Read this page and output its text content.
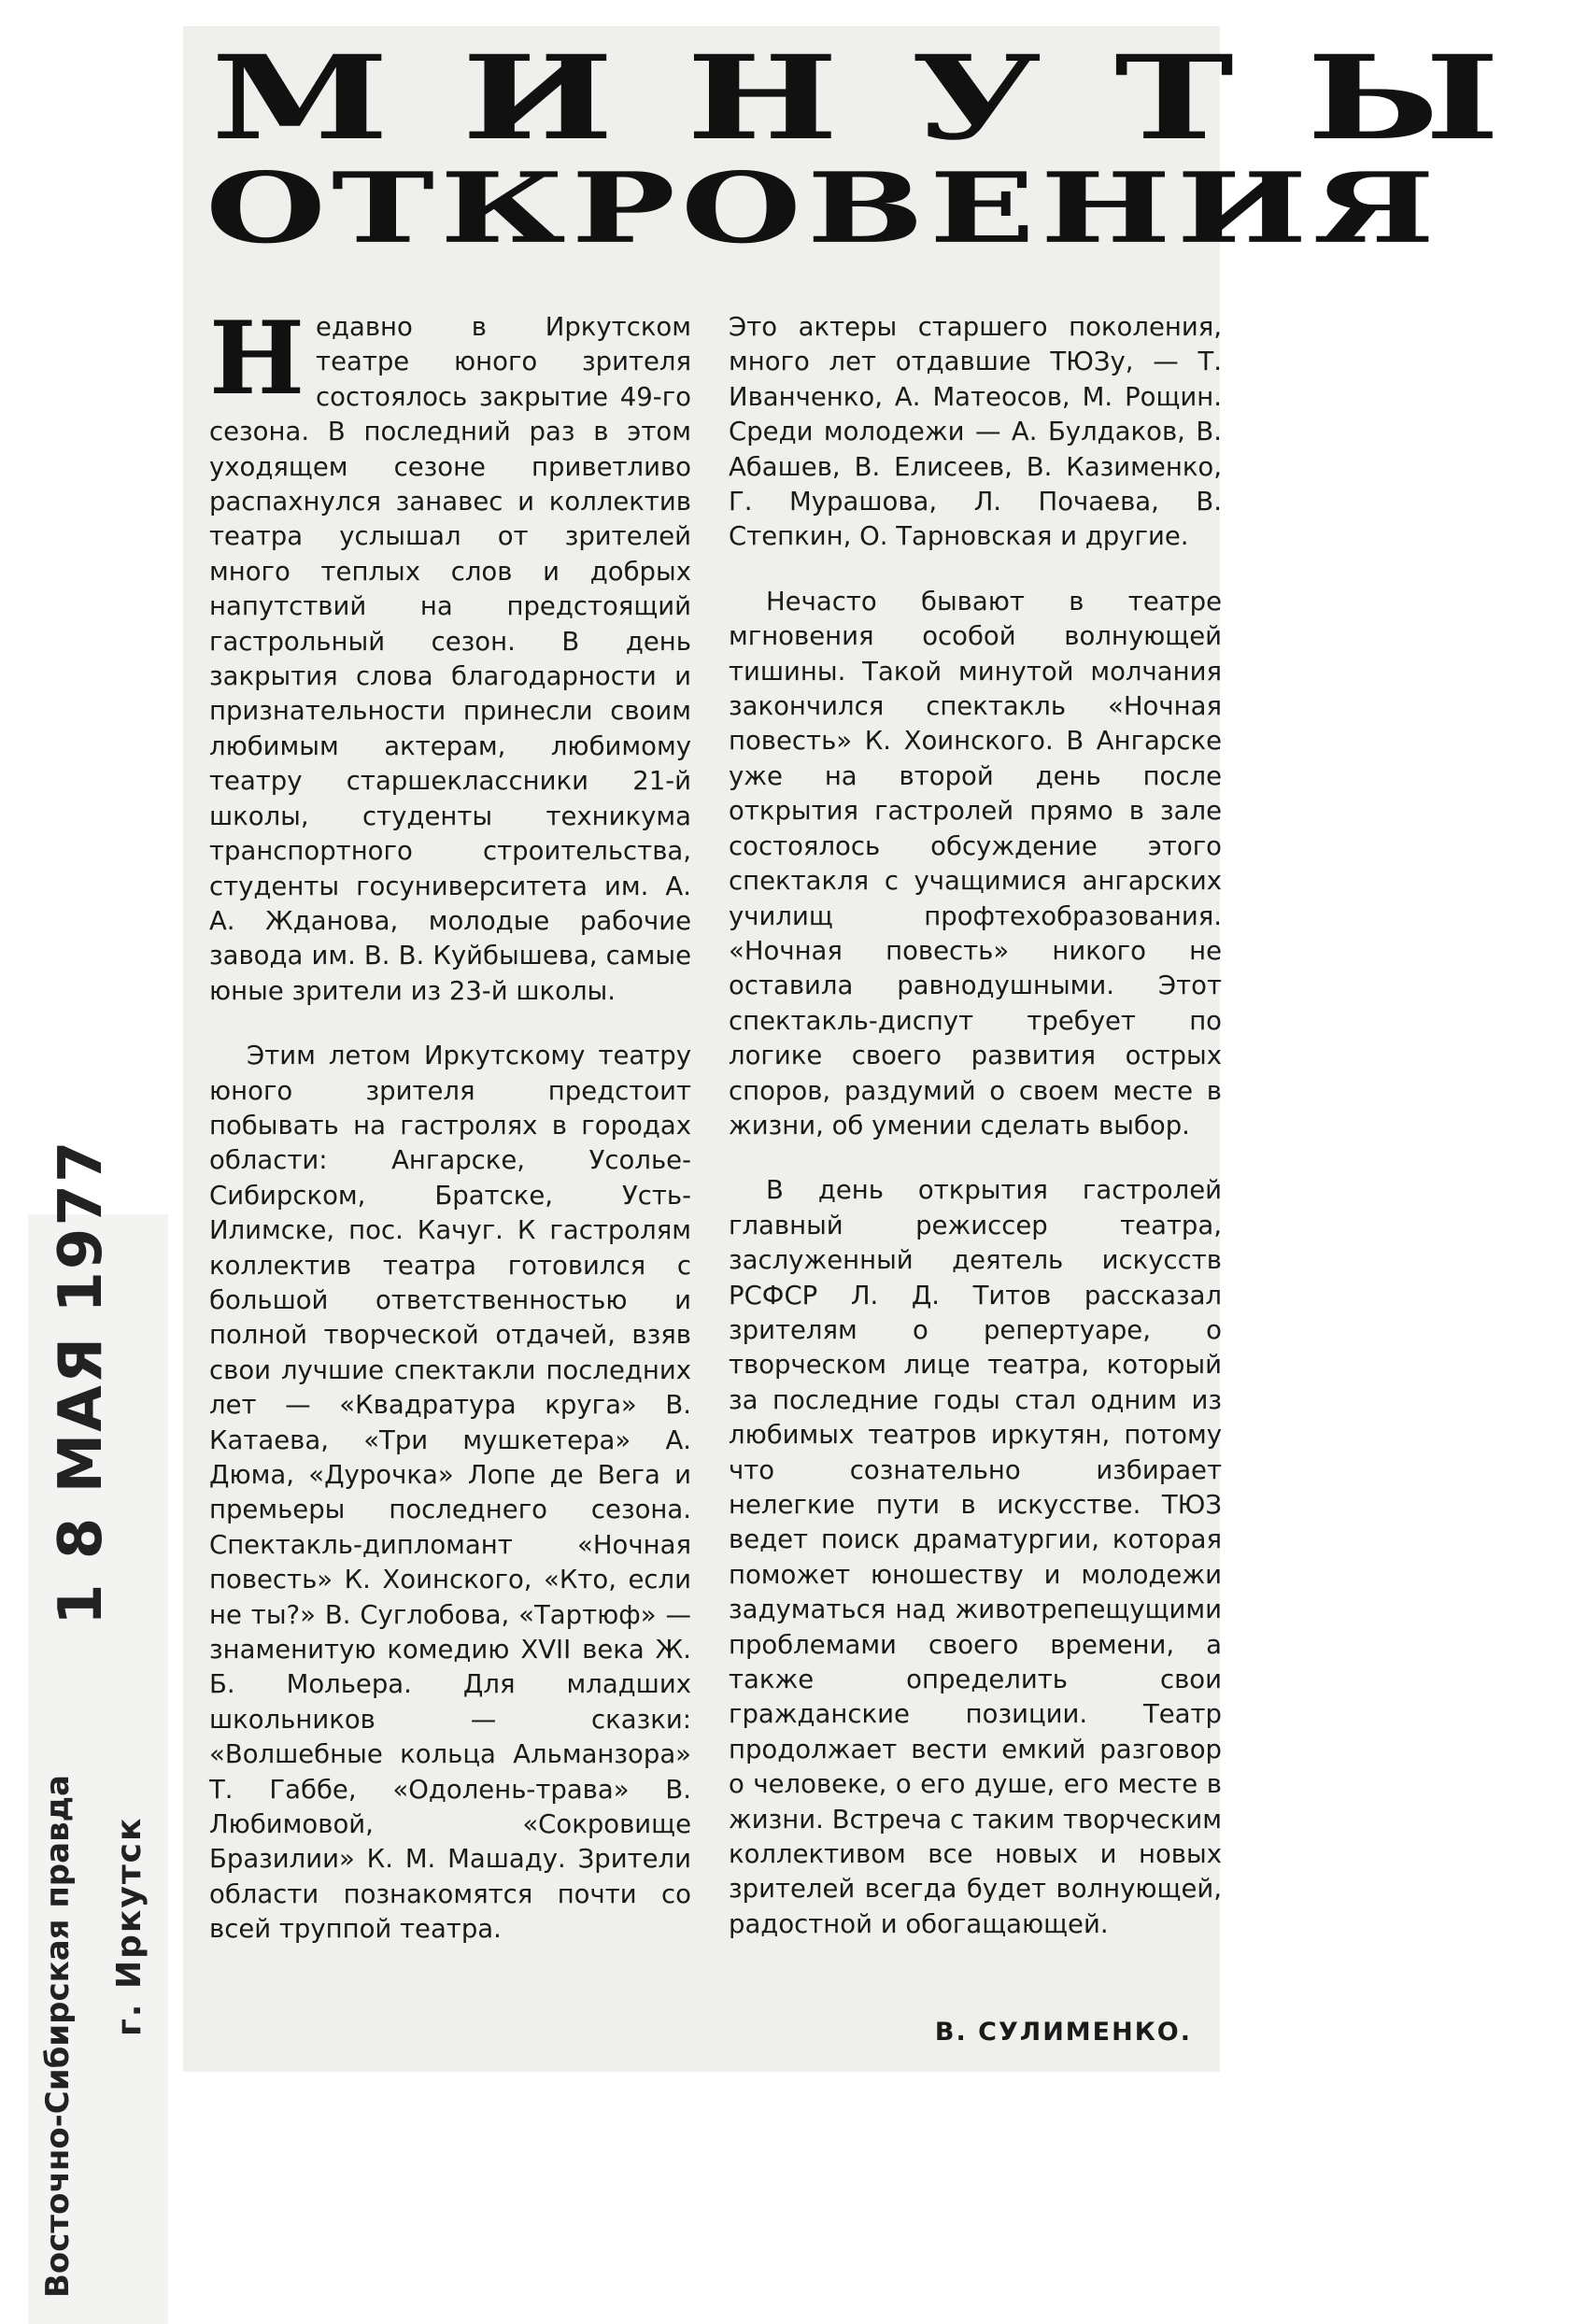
МИНУТЫ
ОТКРОВЕНИЯ

Недавно в Иркутском театре юного зрителя состоялось закрытие 49-го сезона. В последний раз в этом уходящем сезоне приветливо распахнулся занавес и коллектив театра услышал от зрителей много теплых слов и добрых напутствий на предстоящий гастрольный сезон. В день закрытия слова благодарности и признательности принесли своим любимым актерам, любимому театру старшеклассники 21-й школы, студенты техникума транспортного строительства, студенты госуниверситета им. А. А. Жданова, молодые рабочие завода им. В. В. Куйбышева, самые юные зрители из 23-й школы.

Этим летом Иркутскому театру юного зрителя предстоит побывать на гастролях в городах области: Ангарске, Усолье-Сибирском, Братске, Усть-Илимске, пос. Качуг. К гастролям коллектив театра готовился с большой ответственностью и полной творческой отдачей, взяв свои лучшие спектакли последних лет — «Квадратура круга» В. Катаева, «Три мушкетера» А. Дюма, «Дурочка» Лопе де Вега и премьеры последнего сезона. Спектакль-дипломант «Ночная повесть» К. Хоинского, «Кто, если не ты?» В. Суглобова, «Тартюф» — знаменитую комедию XVII века Ж. Б. Мольера. Для младших школьников — сказки: «Волшебные кольца Альманзора» Т. Габбе, «Одолень-трава» В. Любимовой, «Сокровище Бразилии» К. М. Машаду. Зрители области познакомятся почти со всей труппой театра.

Это актеры старшего поколения, много лет отдавшие ТЮЗу, — Т. Иванченко, А. Матеосов, М. Рощин. Среди молодежи — А. Булдаков, В. Абашев, В. Елисеев, В. Казименко, Г. Мурашова, Л. Почаева, В. Степкин, О. Тарновская и другие.

Нечасто бывают в театре мгновения особой волнующей тишины. Такой минутой молчания закончился спектакль «Ночная повесть» К. Хоинского. В Ангарске уже на второй день после открытия гастролей прямо в зале состоялось обсуждение этого спектакля с учащимися ангарских училищ профтехобразования. «Ночная повесть» никого не оставила равнодушными. Этот спектакль-диспут требует по логике своего развития острых споров, раздумий о своем месте в жизни, об умении сделать выбор.

В день открытия гастролей главный режиссер театра, заслуженный деятель искусств РСФСР Л. Д. Титов рассказал зрителям о репертуаре, о творческом лице театра, который за последние годы стал одним из любимых театров иркутян, потому что сознательно избирает нелегкие пути в искусстве. ТЮЗ ведет поиск драматургии, которая поможет юношеству и молодежи задуматься над животрепещущими проблемами своего времени, а также определить свои гражданские позиции. Театр продолжает вести емкий разговор о человеке, о его душе, его месте в жизни. Встреча с таким творческим коллективом все новых и новых зрителей всегда будет волнующей, радостной и обогащающей.

В. СУЛИМЕНКО.
1 8 МАЯ 1977
Восточно-Сибирская правда г. Иркутск
